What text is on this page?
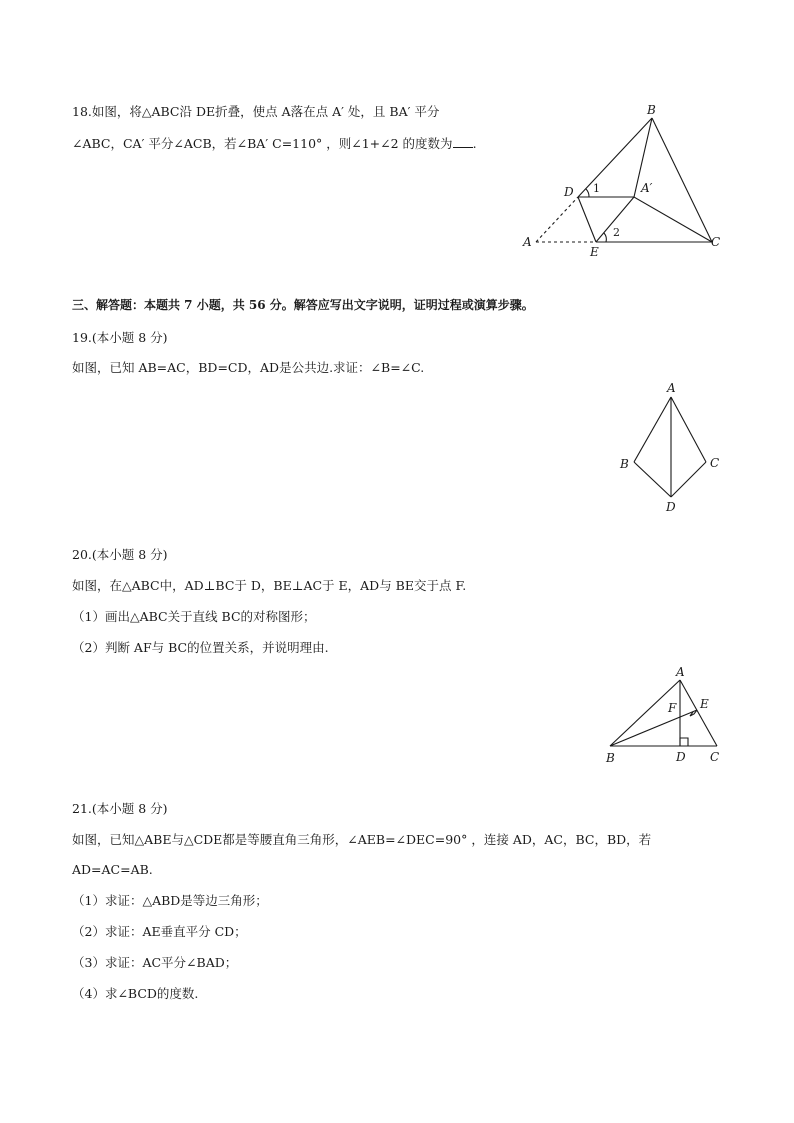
18.如图，将△ABC沿 DE折叠，使点 A落在点 A′ 处，且 BA′ 平分
∠ABC，CA′ 平分∠ACB，若∠BA′ C=110° ，则∠1+∠2 的度数为 .
B
D 1	A′
A
2
E
C
三、解答题：本题共 7 小题，共 56 分。解答应写出文字说明，证明过程或演算步骤。
19.(本小题 8 分)
如图，已知 AB=AC，BD=CD，AD是公共边.求证：∠B=∠C.
A
B	C
D
20.(本小题 8 分)
如图，在△ABC中，AD⊥BC于 D，BE⊥AC于 E，AD与 BE交于点 F.
（1）画出△ABC关于直线 BC的对称图形；
（2）判断 AF与 BC的位置关系，并说明理由.
A
E
F
B	D C
21.(本小题 8 分)
如图，已知△ABE与△CDE都是等腰直角三角形，∠AEB=∠DEC=90° ，连接 AD，AC，BC，BD，若
AD=AC=AB.
（1）求证：△ABD是等边三角形；
（2）求证：AE垂直平分 CD；
（3）求证：AC平分∠BAD；
（4）求∠BCD的度数.
